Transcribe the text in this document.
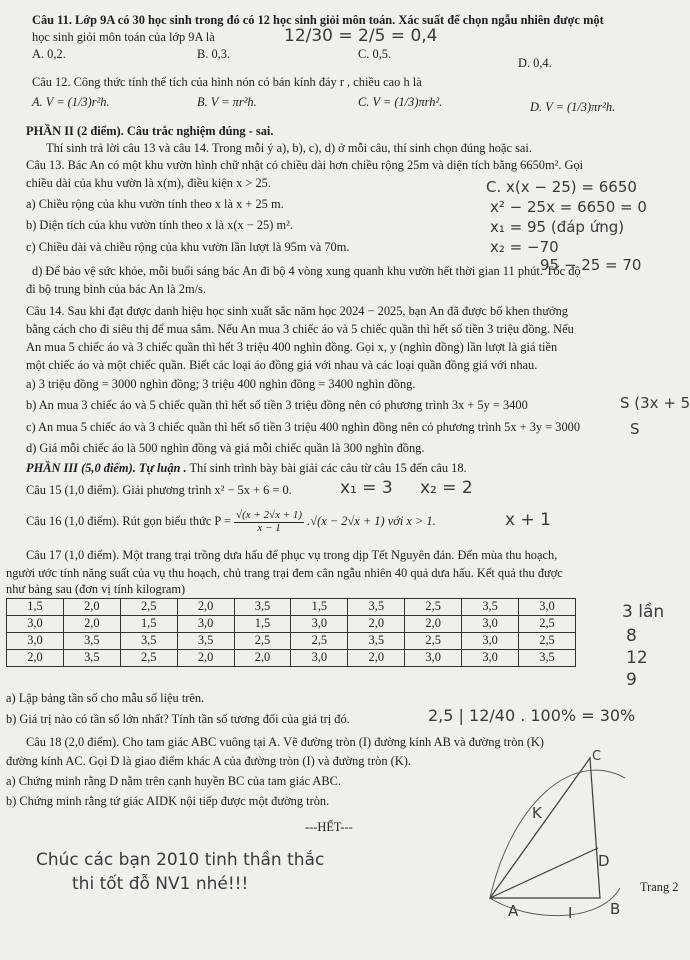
Câu 11. Lớp 9A có 30 học sinh trong đó có 12 học sinh giỏi môn toán. Xác suất để chọn ngẫu nhiên được một
học sinh giỏi môn toán của lớp 9A là
A. 0,2.	B. 0,3.	C. 0,5.
D. 0,4.
12/30 = 2/5 = 0,4
Câu 12. Công thức tính thể tích của hình nón có bán kính đáy r , chiều cao h là
A. V = (1/3)r²h.	B. V = πr²h.	C. V = (1/3)πrh².	D. V = (1/3)πr²h.
PHẦN II (2 điểm). Câu trắc nghiệm đúng - sai.
Thí sinh trả lời câu 13 và câu 14. Trong mỗi ý a), b), c), d) ở mỗi câu, thí sinh chọn đúng hoặc sai.
Câu 13. Bác An có một khu vườn hình chữ nhật có chiều dài hơn chiều rộng 25m và diện tích bằng 6650m². Gọi
chiều dài của khu vườn là x(m), điều kiện x > 25.
a) Chiều rộng của khu vườn tính theo x là x + 25 m.
b) Diện tích của khu vườn tính theo x là x(x − 25) m².
c) Chiều dài và chiều rộng của khu vườn lần lượt là 95m và 70m.
d) Để bảo vệ sức khỏe, mỗi buổi sáng bác An đi bộ 4 vòng xung quanh khu vườn hết thời gian 11 phút. Tốc độ
đi bộ trung bình của bác An là 2m/s.
C. x(x − 25) = 6650
x² − 25x = 6650 = 0
x₁ = 95 (đáp ứng)
x₂ = −70
95 − 25 = 70
Câu 14. Sau khi đạt được danh hiệu học sinh xuất sắc năm học 2024 − 2025, bạn An đã được bố khen thưởng
bằng cách cho đi siêu thị để mua sắm. Nếu An mua 3 chiếc áo và 5 chiếc quần thì hết số tiền 3 triệu đồng. Nếu
An mua 5 chiếc áo và 3 chiếc quần thì hết 3 triệu 400 nghìn đồng. Gọi x, y (nghìn đồng) lần lượt là giá tiền
một chiếc áo và một chiếc quần. Biết các loại áo đồng giá với nhau và các loại quần đồng giá với nhau.
a) 3 triệu đồng = 3000 nghìn đồng; 3 triệu 400 nghìn đồng = 3400 nghìn đồng.
b) An mua 3 chiếc áo và 5 chiếc quần thì hết số tiền 3 triệu đồng nên có phương trình 3x + 5y = 3400
c) An mua 5 chiếc áo và 3 chiếc quần thì hết số tiền 3 triệu 400 nghìn đồng nên có phương trình 5x + 3y = 3000
d) Giá mỗi chiếc áo là 500 nghìn đồng và giá mỗi chiếc quần là 300 nghìn đồng.
S (3x + 5
S
PHẦN III (5,0 điểm). Tự luận . Thí sinh trình bày bài giải các câu từ câu 15 đến câu 18.
Câu 15 (1,0 điểm). Giải phương trình x² − 5x + 6 = 0.	x₁ = 3 x₂ = 2
Câu 16 (1,0 điểm). Rút gọn biểu thức $P = \frac{√(x + 2√x + 1)}{x - 1} .√(x - 2√x + 1)$ với x > 1.	x + 1
Câu 17 (1,0 điểm). Một trang trại trồng dưa hấu để phục vụ trong dịp Tết Nguyên đán. Đến mùa thu hoạch,
người ước tính năng suất của vụ thu hoạch, chủ trang trại đem cân ngẫu nhiên 40 quả dưa hấu. Kết quả thu được
như bảng sau (đơn vị tính kilogram)
1,5	2,0	2,5	2,0	3,5	1,5	3,5	2,5	3,5	3,0
3,0	2,0	1,5	3,0	1,5	3,0	2,0	2,0	3,0	2,5
3,0	3,5	3,5	3,5	2,5	2,5	3,5	2,5	3,0	2,5
2,0	3,5	2,5	2,0	2,0	3,0	2,0	3,0	3,0	3,5
3 lần
8
12
9
a) Lập bảng tần số cho mẫu số liệu trên.
b) Giá trị nào có tần số lớn nhất? Tính tần số tương đối của giá trị đó.	2,5 | 12/40 . 100% = 30%
Câu 18 (2,0 điểm). Cho tam giác ABC vuông tại A. Vẽ đường tròn (I) đường kính AB và đường tròn (K)
đường kính AC. Gọi D là giao điểm khác A của đường tròn (I) và đường tròn (K).
a) Chứng minh rằng D nằm trên cạnh huyền BC của tam giác ABC.
b) Chứng minh rằng tứ giác AIDK nội tiếp được một đường tròn.
---HẾT---
Chúc các bạn 2010 tinh thần thắc
thi tốt đỗ NV1 nhé!!!	Trang 2
K
D
A	I	B
C
